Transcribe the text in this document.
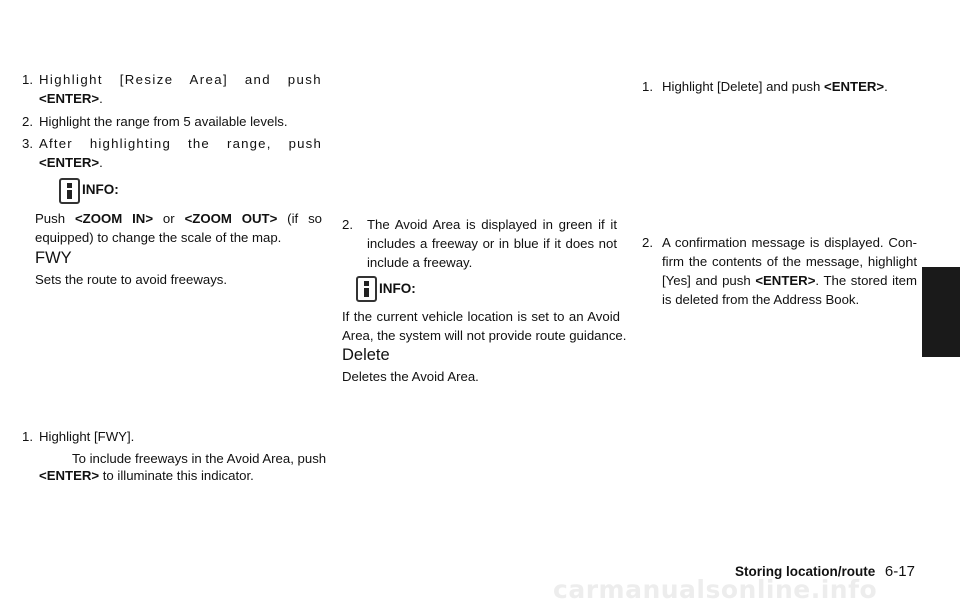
1. Highlight [Resize Area] and push
<ENTER>.
2. Highlight the range from 5 available levels.
3. After highlighting the range, push
<ENTER>.
INFO:
Push <ZOOM IN> or <ZOOM OUT> (if so
equipped) to change the scale of the map.
FWY
Sets the route to avoid freeways.
1. Highlight [FWY].
To include freeways in the Avoid Area, push
<ENTER> to illuminate this indicator.
2. The Avoid Area is displayed in green if it
includes a freeway or in blue if it does not
include a freeway.
INFO:
If the current vehicle location is set to an Avoid
Area, the system will not provide route guidance.
Delete
Deletes the Avoid Area.
1. Highlight [Delete] and push <ENTER>.
2. A confirmation message is displayed. Con-
firm the contents of the message, highlight
[Yes] and push <ENTER>. The stored item
is deleted from the Address Book.
carmanualsonline.info
Storing location/route 6-17
